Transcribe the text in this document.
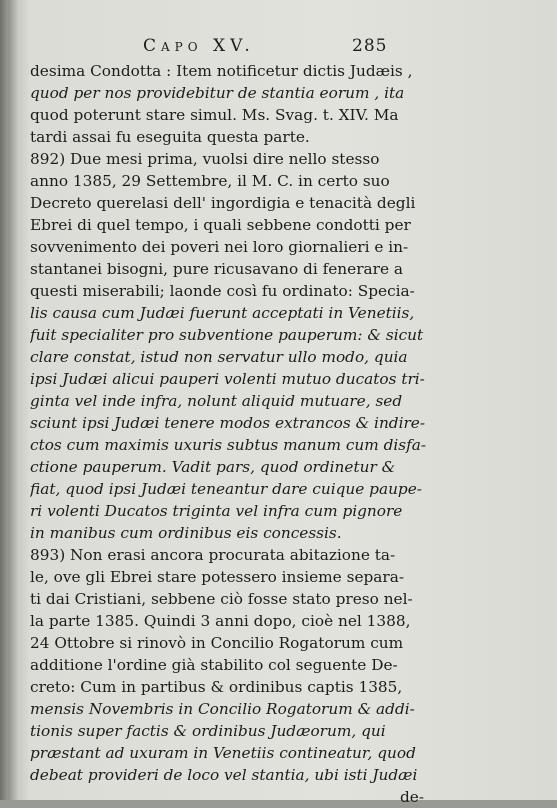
Capo XV.	285
desima Condotta : Item notificetur dictis Judæis ,
quod per nos providebitur de stantia eorum , ita
quod poterunt stare simul. Ms. Svag. t. XIV. Ma
tardi assai fu eseguita questa parte.
892) Due mesi prima, vuolsi dire nello stesso
anno 1385, 29 Settembre, il M. C. in certo suo
Decreto querelasi dell' ingordigia e tenacità degli
Ebrei di quel tempo, i quali sebbene condotti per
sovvenimento dei poveri nei loro giornalieri e in-
stantanei bisogni, pure ricusavano di fenerare a
questi miserabili; laonde così fu ordinato: Specia-
lis causa cum Judæi fuerunt acceptati in Venetiis,
fuit specialiter pro subventione pauperum: & sicut
clare constat, istud non servatur ullo modo, quia
ipsi Judæi alicui pauperi volenti mutuo ducatos tri-
ginta vel inde infra, nolunt aliquid mutuare, sed
sciunt ipsi Judæi tenere modos extrancos & indire-
ctos cum maximis uxuris subtus manum cum disfa-
ctione pauperum. Vadit pars, quod ordinetur &
fiat, quod ipsi Judæi teneantur dare cuique paupe-
ri volenti Ducatos triginta vel infra cum pignore
in manibus cum ordinibus eis concessis.
893) Non erasi ancora procurata abitazione ta-
le, ove gli Ebrei stare potessero insieme separa-
ti dai Cristiani, sebbene ciò fosse stato preso nel-
la parte 1385. Quindi 3 anni dopo, cioè nel 1388,
24 Ottobre si rinovò in Concilio Rogatorum cum
additione l'ordine già stabilito col seguente De-
creto: Cum in partibus & ordinibus captis 1385,
mensis Novembris in Concilio Rogatorum & addi-
tionis super factis & ordinibus Judæorum, qui
præstant ad uxuram in Venetiis contineatur, quod
debeat provideri de loco vel stantia, ubi isti Judæi
de-
